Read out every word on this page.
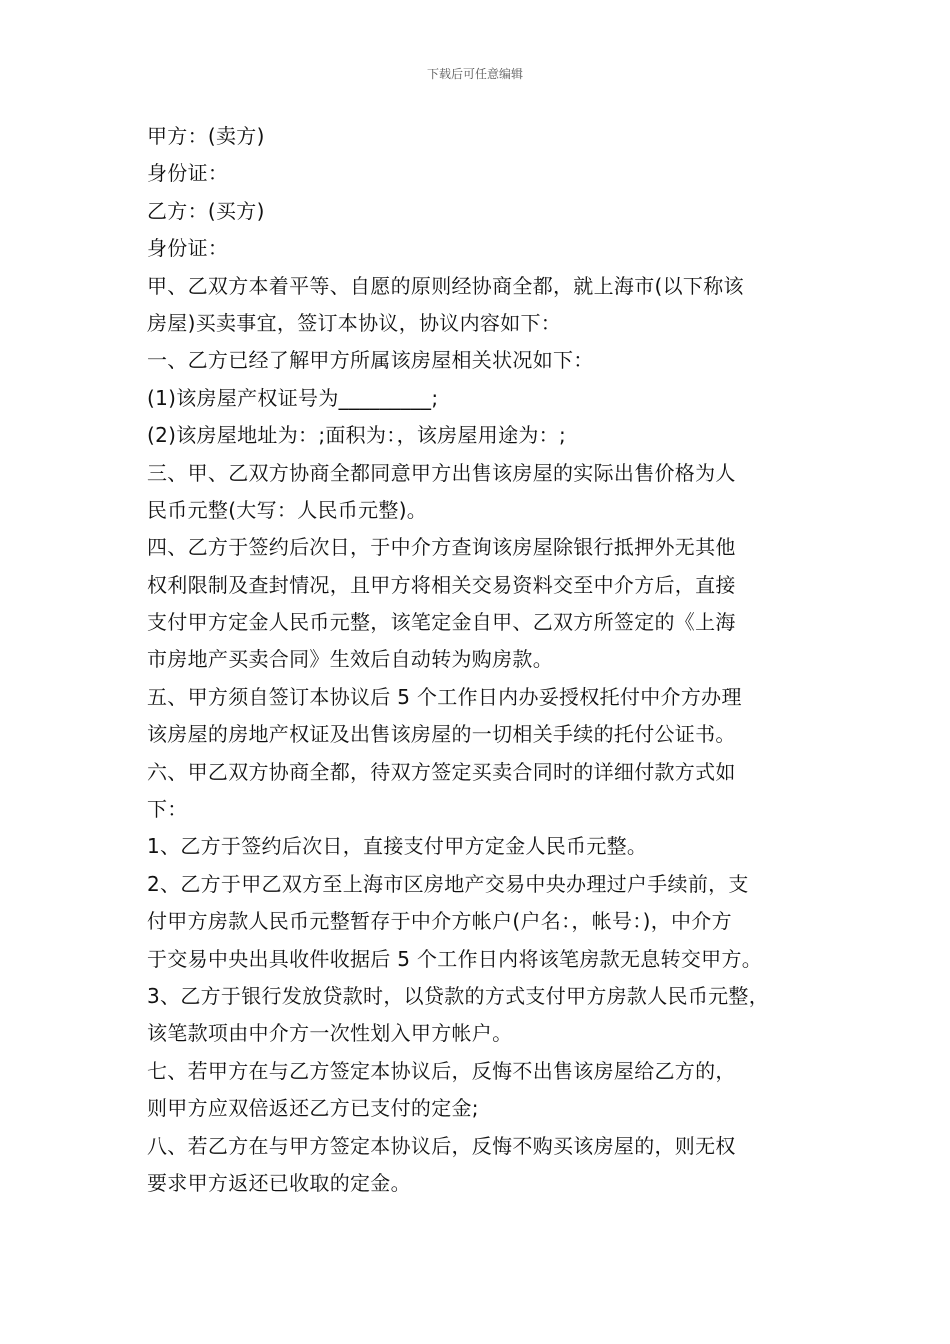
下载后可任意编辑
甲方：(卖方)
身份证：
乙方：(买方)
身份证：
甲、乙双方本着平等、自愿的原则经协商全都，就上海市(以下称该
房屋)买卖事宜，签订本协议，协议内容如下：
一、乙方已经了解甲方所属该房屋相关状况如下：
(1)该房屋产权证号为_________;
(2)该房屋地址为：;面积为：，该房屋用途为：;
三、甲、乙双方协商全都同意甲方出售该房屋的实际出售价格为人
民币元整(大写：人民币元整)。
四、乙方于签约后次日，于中介方查询该房屋除银行抵押外无其他
权利限制及查封情况，且甲方将相关交易资料交至中介方后，直接
支付甲方定金人民币元整，该笔定金自甲、乙双方所签定的《上海
市房地产买卖合同》生效后自动转为购房款。
五、甲方须自签订本协议后 5 个工作日内办妥授权托付中介方办理
该房屋的房地产权证及出售该房屋的一切相关手续的托付公证书。
六、甲乙双方协商全都，待双方签定买卖合同时的详细付款方式如
下：
1、乙方于签约后次日，直接支付甲方定金人民币元整。
2、乙方于甲乙双方至上海市区房地产交易中央办理过户手续前，支
付甲方房款人民币元整暂存于中介方帐户(户名：，帐号：)，中介方
于交易中央出具收件收据后 5 个工作日内将该笔房款无息转交甲方。
3、乙方于银行发放贷款时，以贷款的方式支付甲方房款人民币元整，
该笔款项由中介方一次性划入甲方帐户。
七、若甲方在与乙方签定本协议后，反悔不出售该房屋给乙方的，
则甲方应双倍返还乙方已支付的定金;
八、若乙方在与甲方签定本协议后，反悔不购买该房屋的，则无权
要求甲方返还已收取的定金。
